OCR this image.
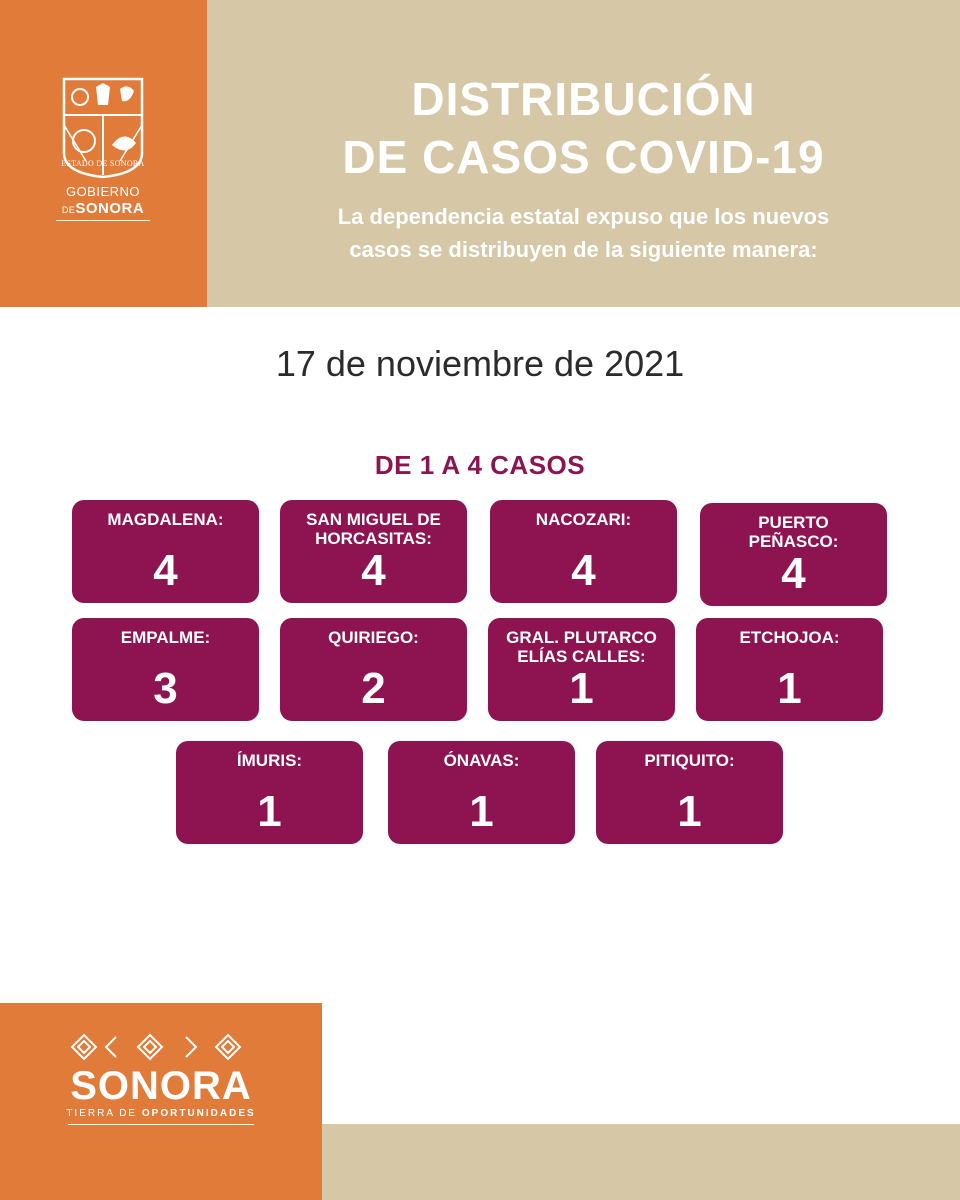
ESTADO DE SONORA
GOBIERNO
DESONORA
DISTRIBUCIÓN
DE CASOS COVID-19
La dependencia estatal expuso que los nuevos
casos se distribuyen de la siguiente manera:
17 de noviembre de 2021
DE 1 A 4 CASOS
MAGDALENA:
4
SAN MIGUEL DE
HORCASITAS:
4
NACOZARI:
4
PUERTO
PEÑASCO:
4
EMPALME:
3
QUIRIEGO:
2
GRAL. PLUTARCO
ELÍAS CALLES:
1
ETCHOJOA:
1
ÍMURIS:
1
ÓNAVAS:
1
PITIQUITO:
1
SONORA
TIERRA DE OPORTUNIDADES
